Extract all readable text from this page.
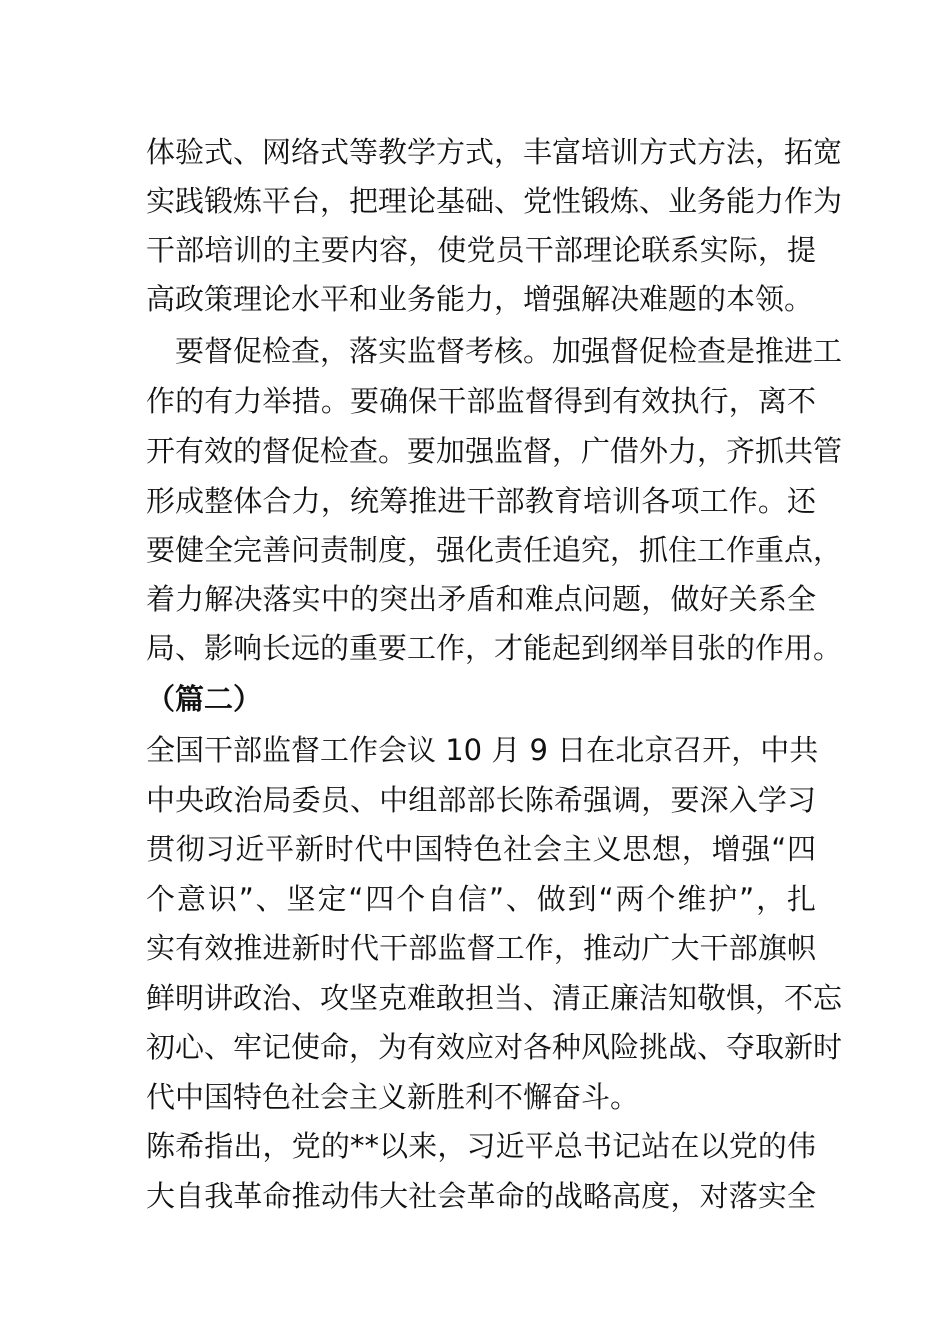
体验式、网络式等教学方式，丰富培训方式方法，拓宽
实践锻炼平台，把理论基础、党性锻炼、业务能力作为
干部培训的主要内容，使党员干部理论联系实际，提
高政策理论水平和业务能力，增强解决难题的本领。
要督促检查，落实监督考核。加强督促检查是推进工
作的有力举措。要确保干部监督得到有效执行，离不
开有效的督促检查。要加强监督，广借外力，齐抓共管
形成整体合力，统筹推进干部教育培训各项工作。还
要健全完善问责制度，强化责任追究，抓住工作重点，
着力解决落实中的突出矛盾和难点问题，做好关系全
局、影响长远的重要工作，才能起到纲举目张的作用。
（篇二）
全国干部监督工作会议 10 月 9 日在北京召开，中共
中央政治局委员、中组部部长陈希强调，要深入学习
贯彻习近平新时代中国特色社会主义思想，增强“四
个意识”、坚定“四个自信”、做到“两个维护”，扎
实有效推进新时代干部监督工作，推动广大干部旗帜
鲜明讲政治、攻坚克难敢担当、清正廉洁知敬惧，不忘
初心、牢记使命，为有效应对各种风险挑战、夺取新时
代中国特色社会主义新胜利不懈奋斗。
陈希指出，党的**以来，习近平总书记站在以党的伟
大自我革命推动伟大社会革命的战略高度，对落实全
